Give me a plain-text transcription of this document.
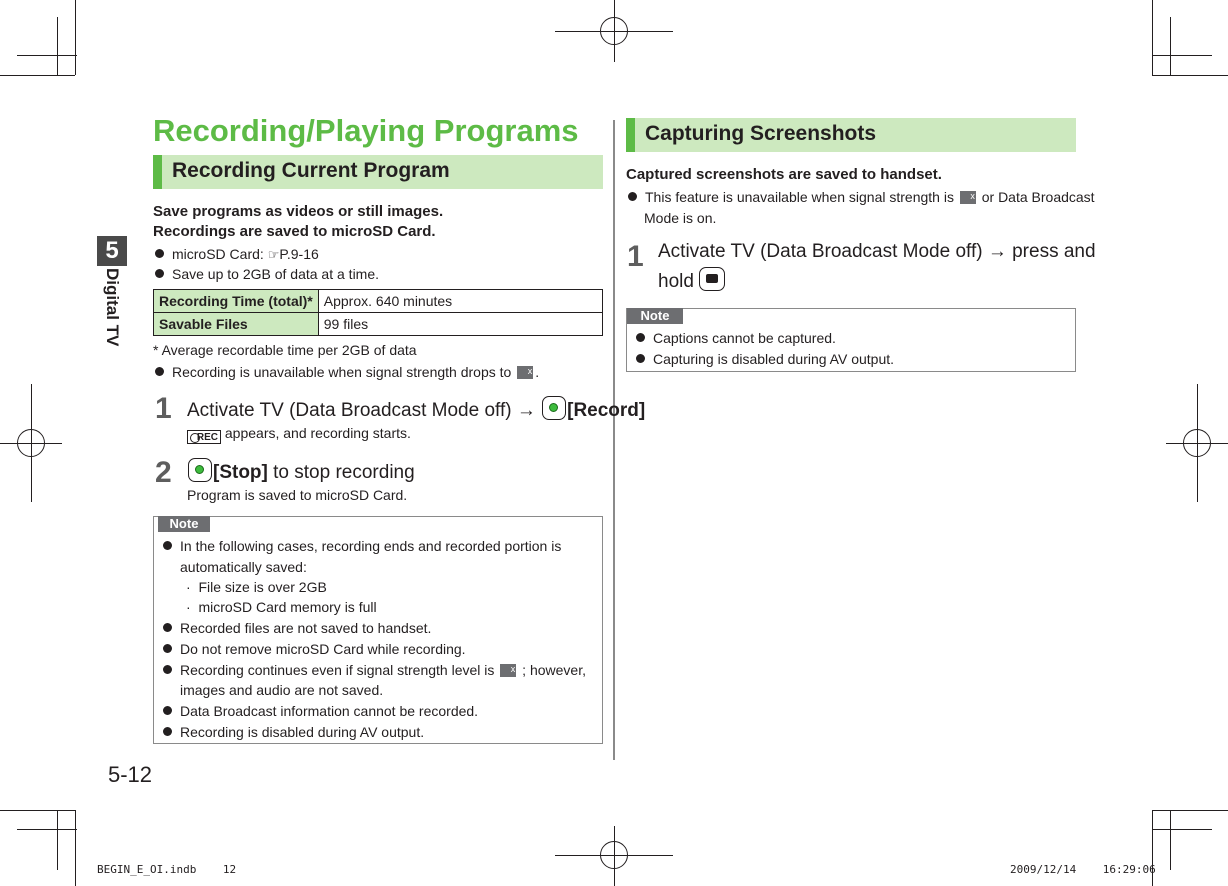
5
Digital TV
5-12
Recording/Playing Programs
Recording Current Program
Save programs as videos or still images.
Recordings are saved to microSD Card.
microSD Card: ☞P.9-16
Save up to 2GB of data at a time.
Recording Time (total)*	Approx. 640 minutes
Savable Files	99 files
* Average recordable time per 2GB of data
Recording is unavailable when signal strength drops to x.
1 Activate TV (Data Broadcast Mode off) → [Record]
REC appears, and recording starts.
2	[Stop] to stop recording
Program is saved to microSD Card.
Note
In the following cases, recording ends and recorded portion is
automatically saved:
·  File size is over 2GB
·  microSD Card memory is full
Recorded files are not saved to handset.
Do not remove microSD Card while recording.
Recording continues even if signal strength level is x ; however,
images and audio are not saved.
Data Broadcast information cannot be recorded.
Recording is disabled during AV output.
Capturing Screenshots
Captured screenshots are saved to handset.
This feature is unavailable when signal strength is x or Data Broadcast
Mode is on.
1 Activate TV (Data Broadcast Mode off) → press and
hold
Note
Captions cannot be captured.
Capturing is disabled during AV output.
BEGIN_E_OI.indb    12	2009/12/14    16:29:06
